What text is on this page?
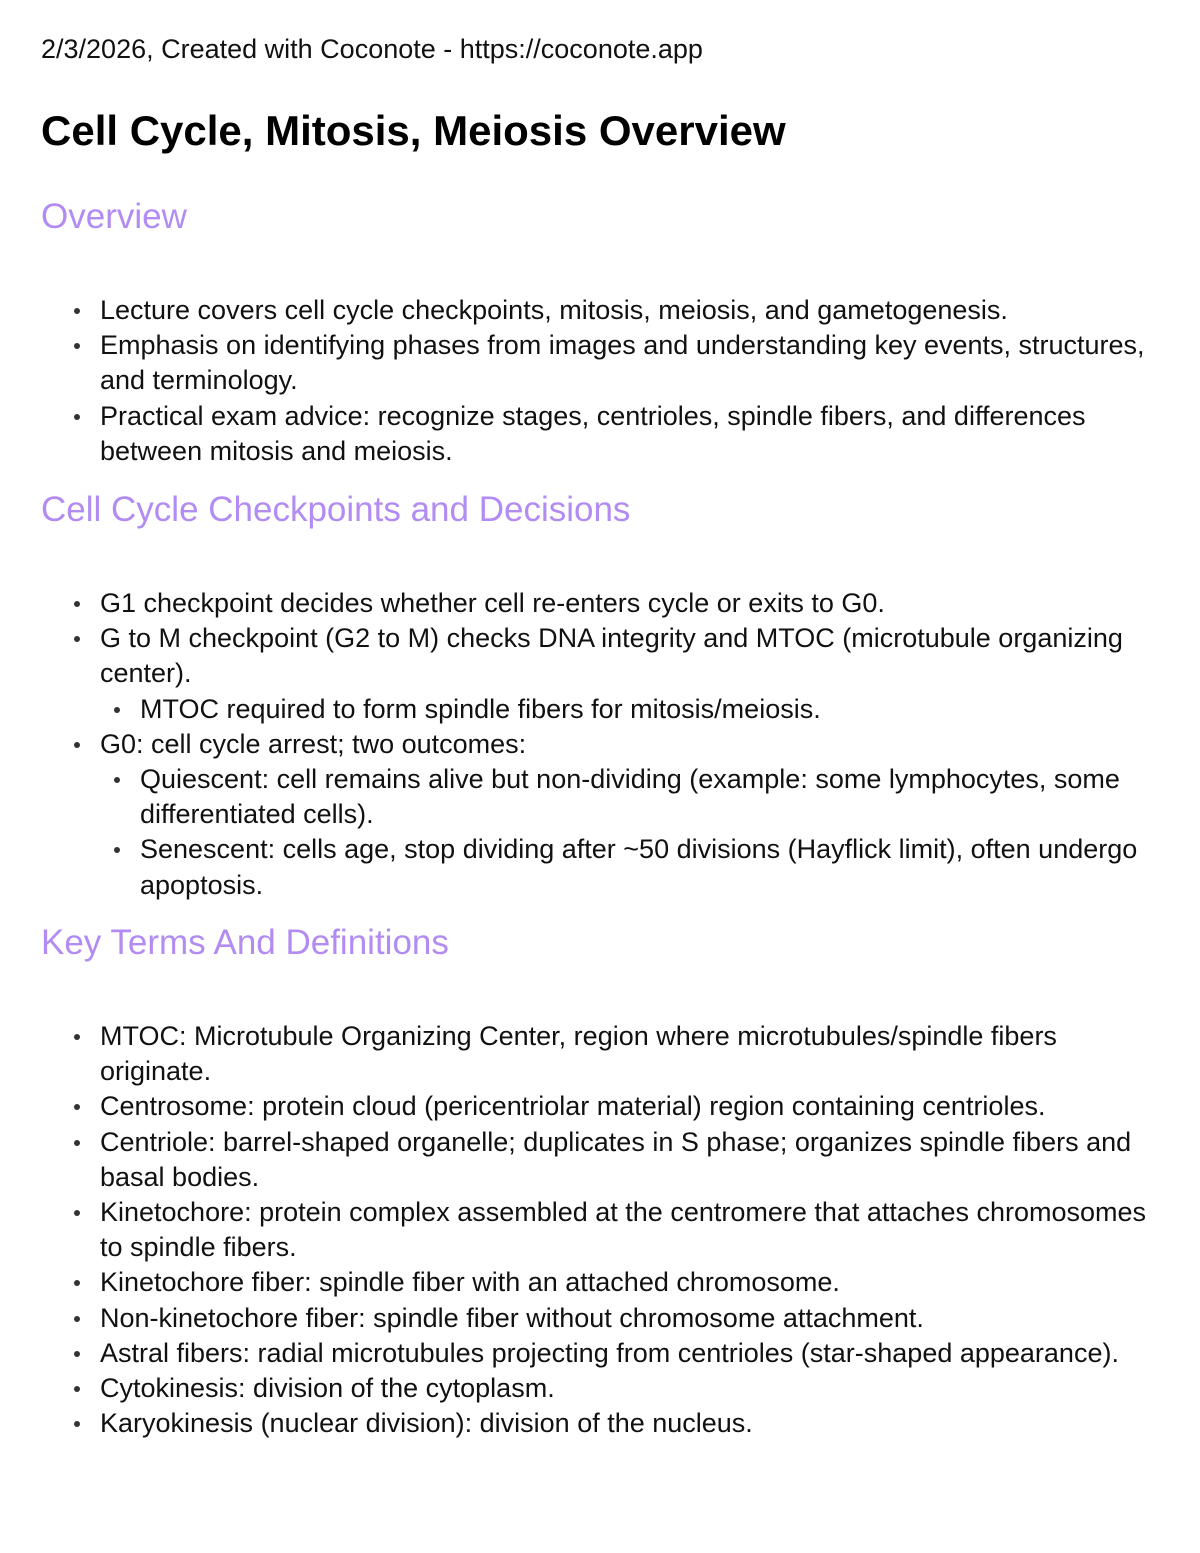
2/3/2026, Created with Coconote - https://coconote.app
Cell Cycle, Mitosis, Meiosis Overview
Overview
Lecture covers cell cycle checkpoints, mitosis, meiosis, and gametogenesis.
Emphasis on identifying phases from images and understanding key events, structures, and terminology.
Practical exam advice: recognize stages, centrioles, spindle fibers, and differences between mitosis and meiosis.
Cell Cycle Checkpoints and Decisions
G1 checkpoint decides whether cell re-enters cycle or exits to G0.
G to M checkpoint (G2 to M) checks DNA integrity and MTOC (microtubule organizing center).
MTOC required to form spindle fibers for mitosis/meiosis.
G0: cell cycle arrest; two outcomes:
Quiescent: cell remains alive but non-dividing (example: some lymphocytes, some differentiated cells).
Senescent: cells age, stop dividing after ~50 divisions (Hayflick limit), often undergo apoptosis.
Key Terms And Definitions
MTOC: Microtubule Organizing Center, region where microtubules/spindle fibers originate.
Centrosome: protein cloud (pericentriolar material) region containing centrioles.
Centriole: barrel-shaped organelle; duplicates in S phase; organizes spindle fibers and basal bodies.
Kinetochore: protein complex assembled at the centromere that attaches chromosomes to spindle fibers.
Kinetochore fiber: spindle fiber with an attached chromosome.
Non-kinetochore fiber: spindle fiber without chromosome attachment.
Astral fibers: radial microtubules projecting from centrioles (star-shaped appearance).
Cytokinesis: division of the cytoplasm.
Karyokinesis (nuclear division): division of the nucleus.
